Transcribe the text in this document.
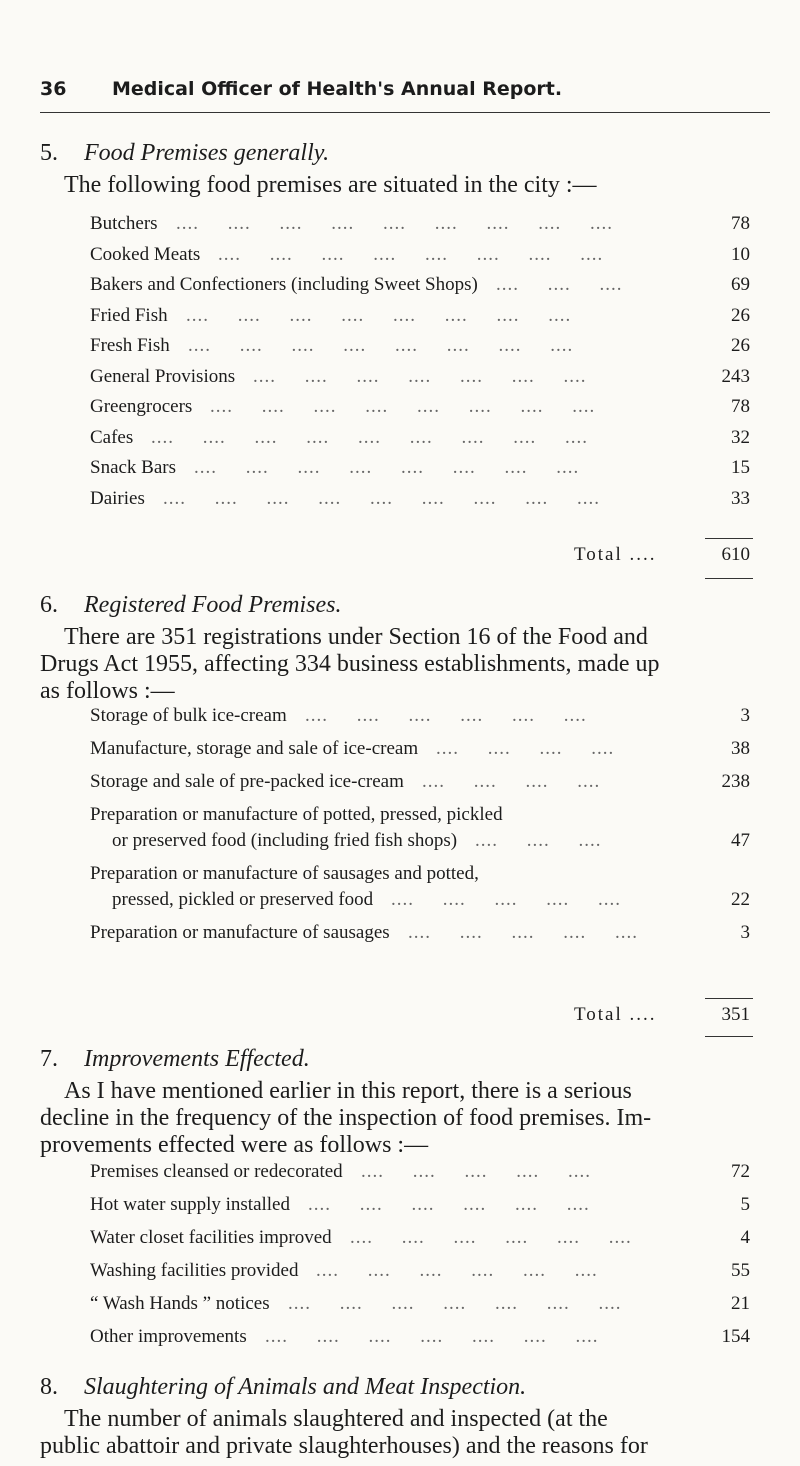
36 Medical Officer of Health's Annual Report.
5. Food Premises generally.
The following food premises are situated in the city :—
Butchers	78
....     ....     ....     ....     ....     ....     ....     ....     ....
Cooked Meats	10
....     ....     ....     ....     ....     ....     ....     ....
Bakers and Confectioners (including Sweet Shops)	69
....     ....     ....
Fried Fish	26
....     ....     ....     ....     ....     ....     ....     ....
Fresh Fish	26
....     ....     ....     ....     ....     ....     ....     ....
General Provisions	243
....     ....     ....     ....     ....     ....     ....
Greengrocers	78
....     ....     ....     ....     ....     ....     ....     ....
Cafes	32
....     ....     ....     ....     ....     ....     ....     ....     ....
Snack Bars	15
....     ....     ....     ....     ....     ....     ....     ....
Dairies	33
....     ....     ....     ....     ....     ....     ....     ....     ....
Total ....	610
6. Registered Food Premises.
There are 351 registrations under Section 16 of the Food and
Drugs Act 1955, affecting 334 business establishments, made up
as follows :—
Storage of bulk ice-cream	3
....     ....     ....     ....     ....     ....
Manufacture, storage and sale of ice-cream	38
....     ....     ....     ....
Storage and sale of pre-packed ice-cream	238
....     ....     ....     ....
Preparation or manufacture of potted, pressed, pickled
or preserved food (including fried fish shops)	47
....     ....     ....
Preparation or manufacture of sausages and potted,
pressed, pickled or preserved food	22
....     ....     ....     ....     ....
Preparation or manufacture of sausages	3
....     ....     ....     ....     ....
Total ....	351
7. Improvements Effected.
As I have mentioned earlier in this report, there is a serious
decline in the frequency of the inspection of food premises. Im-
provements effected were as follows :—
Premises cleansed or redecorated	72
....     ....     ....     ....     ....
Hot water supply installed	5
....     ....     ....     ....     ....     ....
Water closet facilities improved	4
....     ....     ....     ....     ....     ....
Washing facilities provided	55
....     ....     ....     ....     ....     ....
“ Wash Hands ” notices	21
....     ....     ....     ....     ....     ....     ....
Other improvements	154
....     ....     ....     ....     ....     ....     ....
8. Slaughtering of Animals and Meat Inspection.
The number of animals slaughtered and inspected (at the
public abattoir and private slaughterhouses) and the reasons for
